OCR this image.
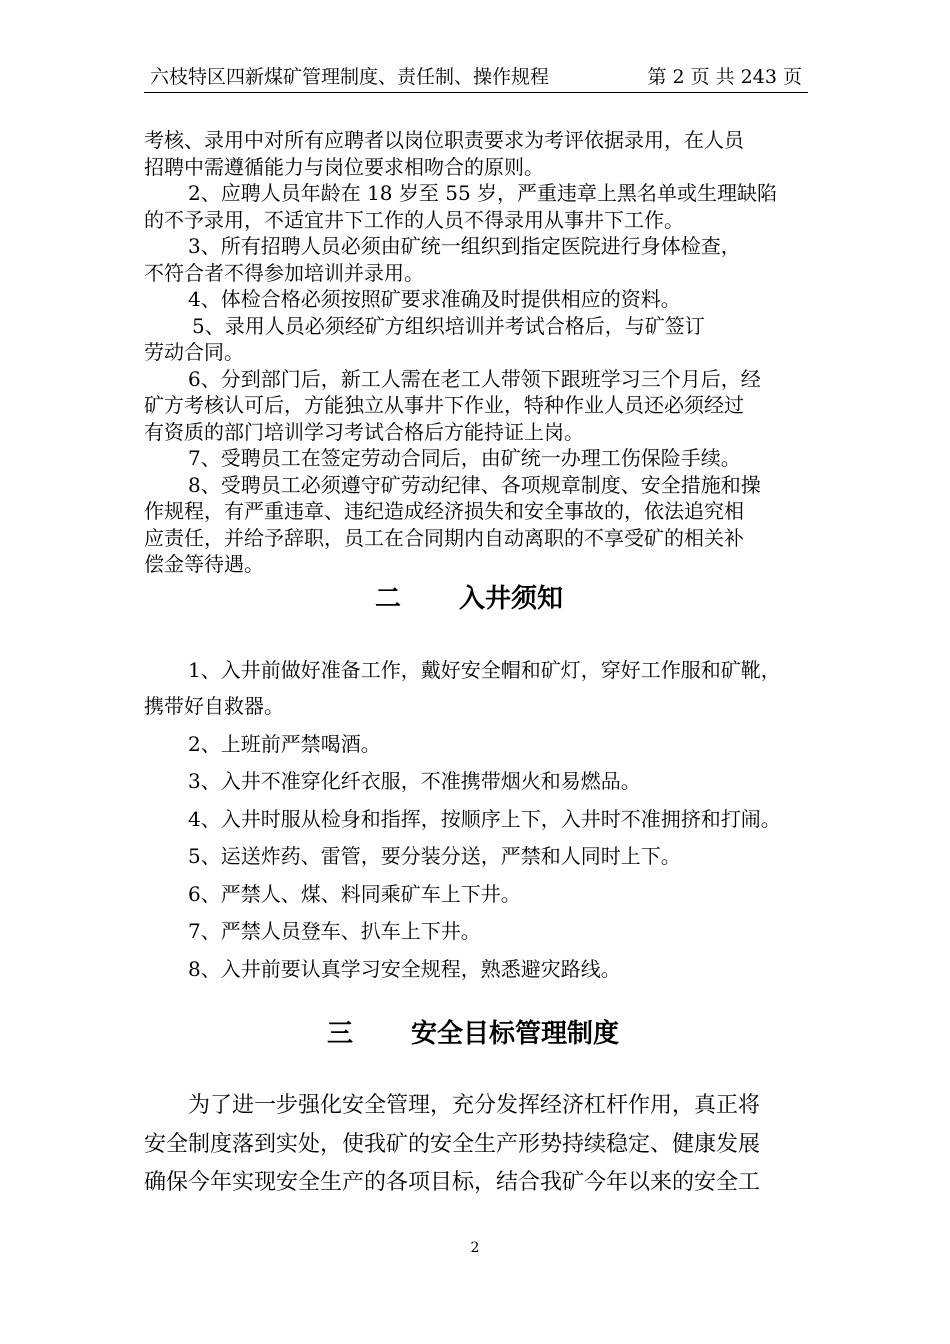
六枝特区四新煤矿管理制度、责任制、操作规程	第 2 页 共 243 页

考核、录用中对所有应聘者以岗位职责要求为考评依据录用，在人员

招聘中需遵循能力与岗位要求相吻合的原则。

2、应聘人员年龄在 18 岁至 55 岁，严重违章上黑名单或生理缺陷

的不予录用，不适宜井下工作的人员不得录用从事井下工作。

3、所有招聘人员必须由矿统一组织到指定医院进行身体检查，

不符合者不得参加培训并录用。

4、体检合格必须按照矿要求准确及时提供相应的资料。

5、录用人员必须经矿方组织培训并考试合格后，与矿签订

劳动合同。

6、分到部门后，新工人需在老工人带领下跟班学习三个月后，经

矿方考核认可后，方能独立从事井下作业，特种作业人员还必须经过

有资质的部门培训学习考试合格后方能持证上岗。

7、受聘员工在签定劳动合同后，由矿统一办理工伤保险手续。

8、受聘员工必须遵守矿劳动纪律、各项规章制度、安全措施和操

作规程，有严重违章、违纪造成经济损失和安全事故的，依法追究相

应责任，并给予辞职，员工在合同期内自动离职的不享受矿的相关补

偿金等待遇。

二 入井须知

1、入井前做好准备工作，戴好安全帽和矿灯，穿好工作服和矿靴，

携带好自救器。

2、上班前严禁喝酒。

3、入井不准穿化纤衣服，不准携带烟火和易燃品。

4、入井时服从检身和指挥，按顺序上下，入井时不准拥挤和打闹。

5、运送炸药、雷管，要分装分送，严禁和人同时上下。

6、严禁人、煤、料同乘矿车上下井。

7、严禁人员登车、扒车上下井。

8、入井前要认真学习安全规程，熟悉避灾路线。

三 安全目标管理制度

为了进一步强化安全管理，充分发挥经济杠杆作用，真正将

安全制度落到实处，使我矿的安全生产形势持续稳定、健康发展

确保今年实现安全生产的各项目标，结合我矿今年以来的安全工

2
